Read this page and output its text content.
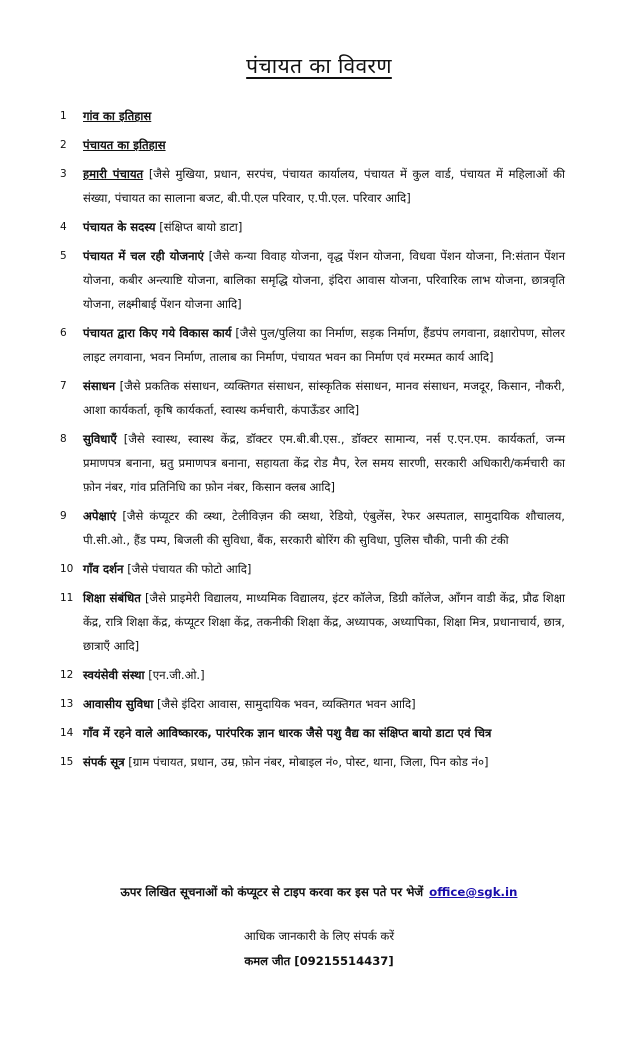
पंचायत का विवरण
1 गांव का इतिहास
2 पंचायत का इतिहास
3 हमारी पंचायत [जैसे मुखिया, प्रधान, सरपंच, पंचायत कार्यालय, पंचायत में कुल वार्ड, पंचायत में महिलाओं की संख्या, पंचायत का सालाना बजट, बी.पी.एल परिवार, ए.पी.एल. परिवार आदि]
4 पंचायत के सदस्य [संक्षिप्त बायो डाटा]
5 पंचायत में चल रही योजनाएं [जैसे कन्या विवाह योजना, वृद्ध पेंशन योजना, विधवा पेंशन योजना, नि:संतान पेंशन योजना, कबीर अन्त्याष्टि योजना, बालिका समृद्धि योजना, इंदिरा आवास योजना, परिवारिक लाभ योजना, छात्रवृति योजना, लक्ष्मीबाई पेंशन योजना आदि]
6 पंचायत द्वारा किए गये विकास कार्य [जैसे पुल/पुलिया का निर्माण, सड़क निर्माण, हैंडपंप लगवाना, व्रक्षारोपण, सोलर लाइट लगवाना, भवन निर्माण, तालाब का निर्माण, पंचायत भवन का निर्माण एवं मरम्मत कार्य आदि]
7 संसाधन [जैसे प्रकतिक संसाधन, व्यक्तिगत संसाधन, सांस्कृतिक संसाधन, मानव संसाधन, मजदूर, किसान, नौकरी, आशा कार्यकर्ता, कृषि कार्यकर्ता, स्वास्थ कर्मचारी, कंपाऊँडर आदि]
8 सुविधाएँ [जैसे स्वास्थ, स्वास्थ केंद्र, डॉक्टर एम.बी.बी.एस., डॉक्टर सामान्य, नर्स ए.एन.एम. कार्यकर्ता, जन्म प्रमाणपत्र बनाना, म्रतु प्रमाणपत्र बनाना, सहायता केंद्र रोड मैप, रेल समय सारणी, सरकारी अधिकारी/कर्मचारी का फ़ोन नंबर, गांव प्रतिनिधि का फ़ोन नंबर, किसान क्लब आदि]
9 अपेक्षाएं [जैसे कंप्यूटर की व्स्था, टेलीविज़न की व्सथा, रेडियो, एंबुलेंस, रेफर अस्पताल, सामुदायिक शौचालय, पी.सी.ओ., हैंड पम्प, बिजली की सुविधा, बैंक, सरकारी बोरिंग की सुविधा, पुलिस चौकी, पानी की टंकी
10 गाँव दर्शन [जैसे पंचायत की फोटो आदि]
11 शिक्षा संबंधित [जैसे प्राइमेरी विद्यालय, माध्यमिक विद्यालय, इंटर कॉलेज, डिग्री कॉलेज, आँगन वाडी केंद्र, प्रौढ शिक्षा केंद्र, रात्रि शिक्षा केंद्र, कंप्यूटर शिक्षा केंद्र, तकनीकी शिक्षा केंद्र, अध्यापक, अध्यापिका, शिक्षा मित्र, प्रधानाचार्य, छात्र, छात्राएँ आदि]
12 स्वयंसेवी संस्था [एन.जी.ओ.]
13 आवासीय सुविधा [जैसे इंदिरा आवास, सामुदायिक भवन, व्यक्तिगत भवन आदि]
14 गाँव में रहने वाले आविष्कारक, पारंपरिक ज्ञान धारक जैसे पशु वैद्य का संक्षिप्त बायो डाटा एवं चित्र
15 संपर्क सूत्र [ग्राम पंचायत, प्रधान, उम्र, फ़ोन नंबर, मोबाइल नं०, पोस्ट, थाना, जिला, पिन कोड नं०]
ऊपर लिखित सूचनाओं को कंप्यूटर से टाइप करवा कर इस पते पर भेजें office@sgk.in
आधिक जानकारी के लिए संपर्क करें
कमल जीत [09215514437]
